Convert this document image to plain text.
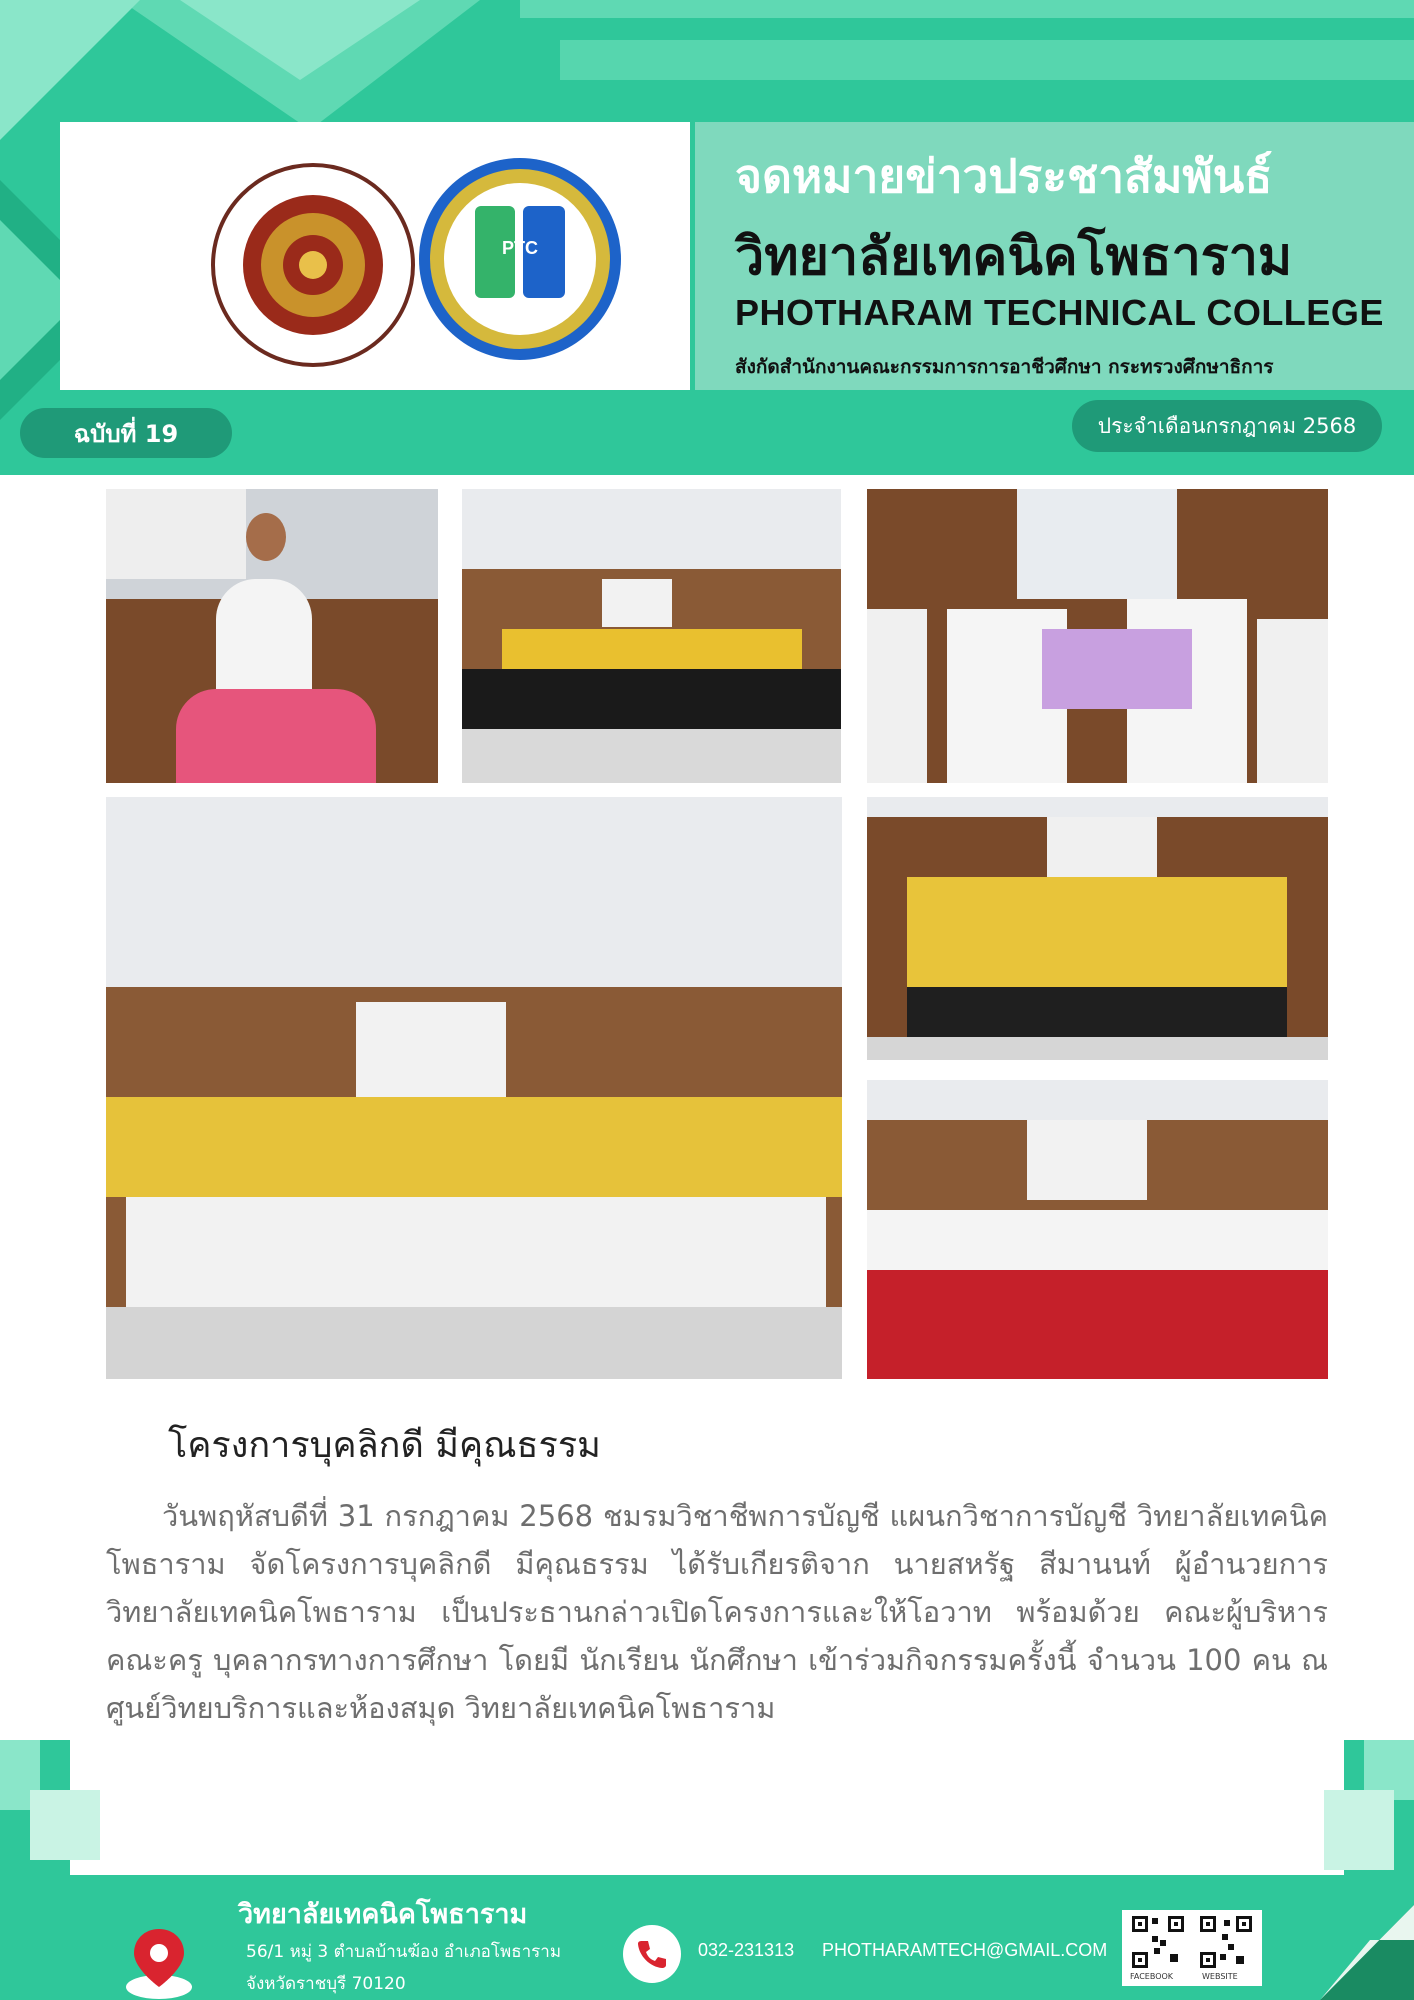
PTC
จดหมายข่าวประชาสัมพันธ์
วิทยาลัยเทคนิคโพธาราม
PHOTHARAM TECHNICAL COLLEGE
สังกัดสำนักงานคณะกรรมการการอาชีวศึกษา กระทรวงศึกษาธิการ
ฉบับที่ 19	ประจำเดือนกรกฎาคม 2568
โครงการบุคลิกดี มีคุณธรรม
วันพฤหัสบดีที่ 31 กรกฎาคม 2568 ชมรมวิชาชีพการบัญชี แผนกวิชาการบัญชี วิทยาลัยเทคนิคโพธาราม จัดโครงการบุคลิกดี มีคุณธรรม ได้รับเกียรติจาก นายสหรัฐ สีมานนท์ ผู้อำนวยการวิทยาลัยเทคนิคโพธาราม เป็นประธานกล่าวเปิดโครงการและให้โอวาท พร้อมด้วย คณะผู้บริหาร คณะครู บุคลากรทางการศึกษา โดยมี นักเรียน นักศึกษา เข้าร่วมกิจกรรมครั้งนี้ จำนวน 100 คน ณ ศูนย์วิทยบริการและห้องสมุด วิทยาลัยเทคนิคโพธาราม
วิทยาลัยเทคนิคโพธาราม
56/1 หมู่ 3 ตำบลบ้านฆ้อง อำเภอโพธาราม
จังหวัดราชบุรี 70120
032-231313 PHOTHARAMTECH@GMAIL.COM
FACEBOOK	WEBSITE
